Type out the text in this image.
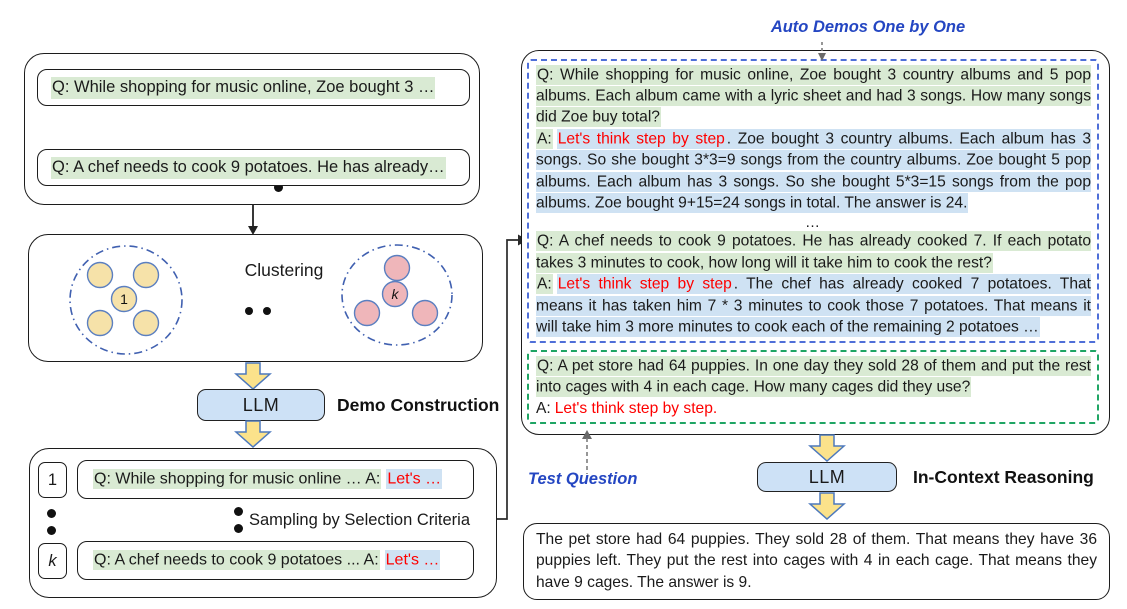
Q: While shopping for music online, Zoe bought 3 …
Q: A chef needs to cook 9 potatoes. He has already…
1
Clustering
k
LLM	Demo Construction
1	Q: While shopping for music online … A: Let's …
Sampling by Selection Criteria
k	Q: A chef needs to cook 9 potatoes ... A: Let's …
Auto Demos One by One

Q: While shopping for music online, Zoe bought 3 country albums and 5 pop albums. Each album came with a lyric sheet and had 3 songs. How many songs did Zoe buy total?

A: Let's think step by step . Zoe bought 3 country albums. Each album has 3 songs. So she bought 3*3=9 songs from the country albums. Zoe bought 5 pop albums. Each album has 3 songs. So she bought 5*3=15 songs from the pop albums. Zoe bought 9+15=24 songs in total. The answer is 24.

…

Q: A chef needs to cook 9 potatoes. He has already cooked 7. If each potato takes 3 minutes to cook, how long will it take him to cook the rest?

A: Let's think step by step . The chef has already cooked 7 potatoes. That means it has taken him 7 * 3 minutes to cook those 7 potatoes. That means it will take him 3 more minutes to cook each of the remaining 2 potatoes …

Q: A pet store had 64 puppies. In one day they sold 28 of them and put the rest into cages with 4 in each cage. How many cages did they use?

A: Let's think step by step.

Test Question	LLM	In-Context Reasoning

The pet store had 64 puppies. They sold 28 of them. That means they have 36 puppies left. They put the rest into cages with 4 in each cage. That means they have 9 cages. The answer is 9.
